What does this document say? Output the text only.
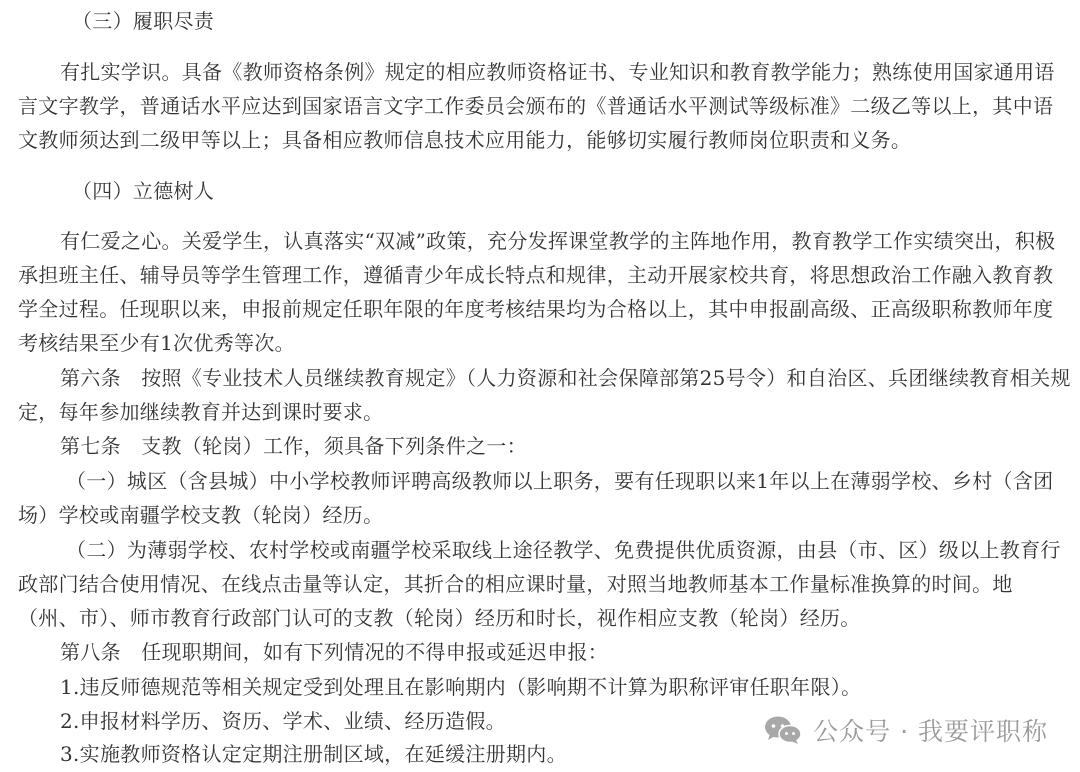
（三）履职尽责
有扎实学识。具备《教师资格条例》规定的相应教师资格证书、专业知识和教育教学能力；熟练使用国家通用语
言文字教学，普通话水平应达到国家语言文字工作委员会颁布的《普通话水平测试等级标准》二级乙等以上，其中语
文教师须达到二级甲等以上；具备相应教师信息技术应用能力，能够切实履行教师岗位职责和义务。
（四）立德树人
有仁爱之心。关爱学生，认真落实“双减”政策，充分发挥课堂教学的主阵地作用，教育教学工作实绩突出，积极
承担班主任、辅导员等学生管理工作，遵循青少年成长特点和规律，主动开展家校共育，将思想政治工作融入教育教
学全过程。任现职以来，申报前规定任职年限的年度考核结果均为合格以上，其中申报副高级、正高级职称教师年度
考核结果至少有1次优秀等次。
第六条　按照《专业技术人员继续教育规定》（人力资源和社会保障部第25号令）和自治区、兵团继续教育相关规
定，每年参加继续教育并达到课时要求。
第七条　支教（轮岗）工作，须具备下列条件之一：
（一）城区（含县城）中小学校教师评聘高级教师以上职务，要有任现职以来1年以上在薄弱学校、乡村（含团
场）学校或南疆学校支教（轮岗）经历。
（二）为薄弱学校、农村学校或南疆学校采取线上途径教学、免费提供优质资源，由县（市、区）级以上教育行
政部门结合使用情况、在线点击量等认定，其折合的相应课时量，对照当地教师基本工作量标准换算的时间。地
（州、市）、师市教育行政部门认可的支教（轮岗）经历和时长，视作相应支教（轮岗）经历。
第八条　任现职期间，如有下列情况的不得申报或延迟申报：
1.违反师德规范等相关规定受到处理且在影响期内（影响期不计算为职称评审任职年限）。
2.申报材料学历、资历、学术、业绩、经历造假。
3.实施教师资格认定定期注册制区域，在延缓注册期内。
公众号 · 我要评职称
